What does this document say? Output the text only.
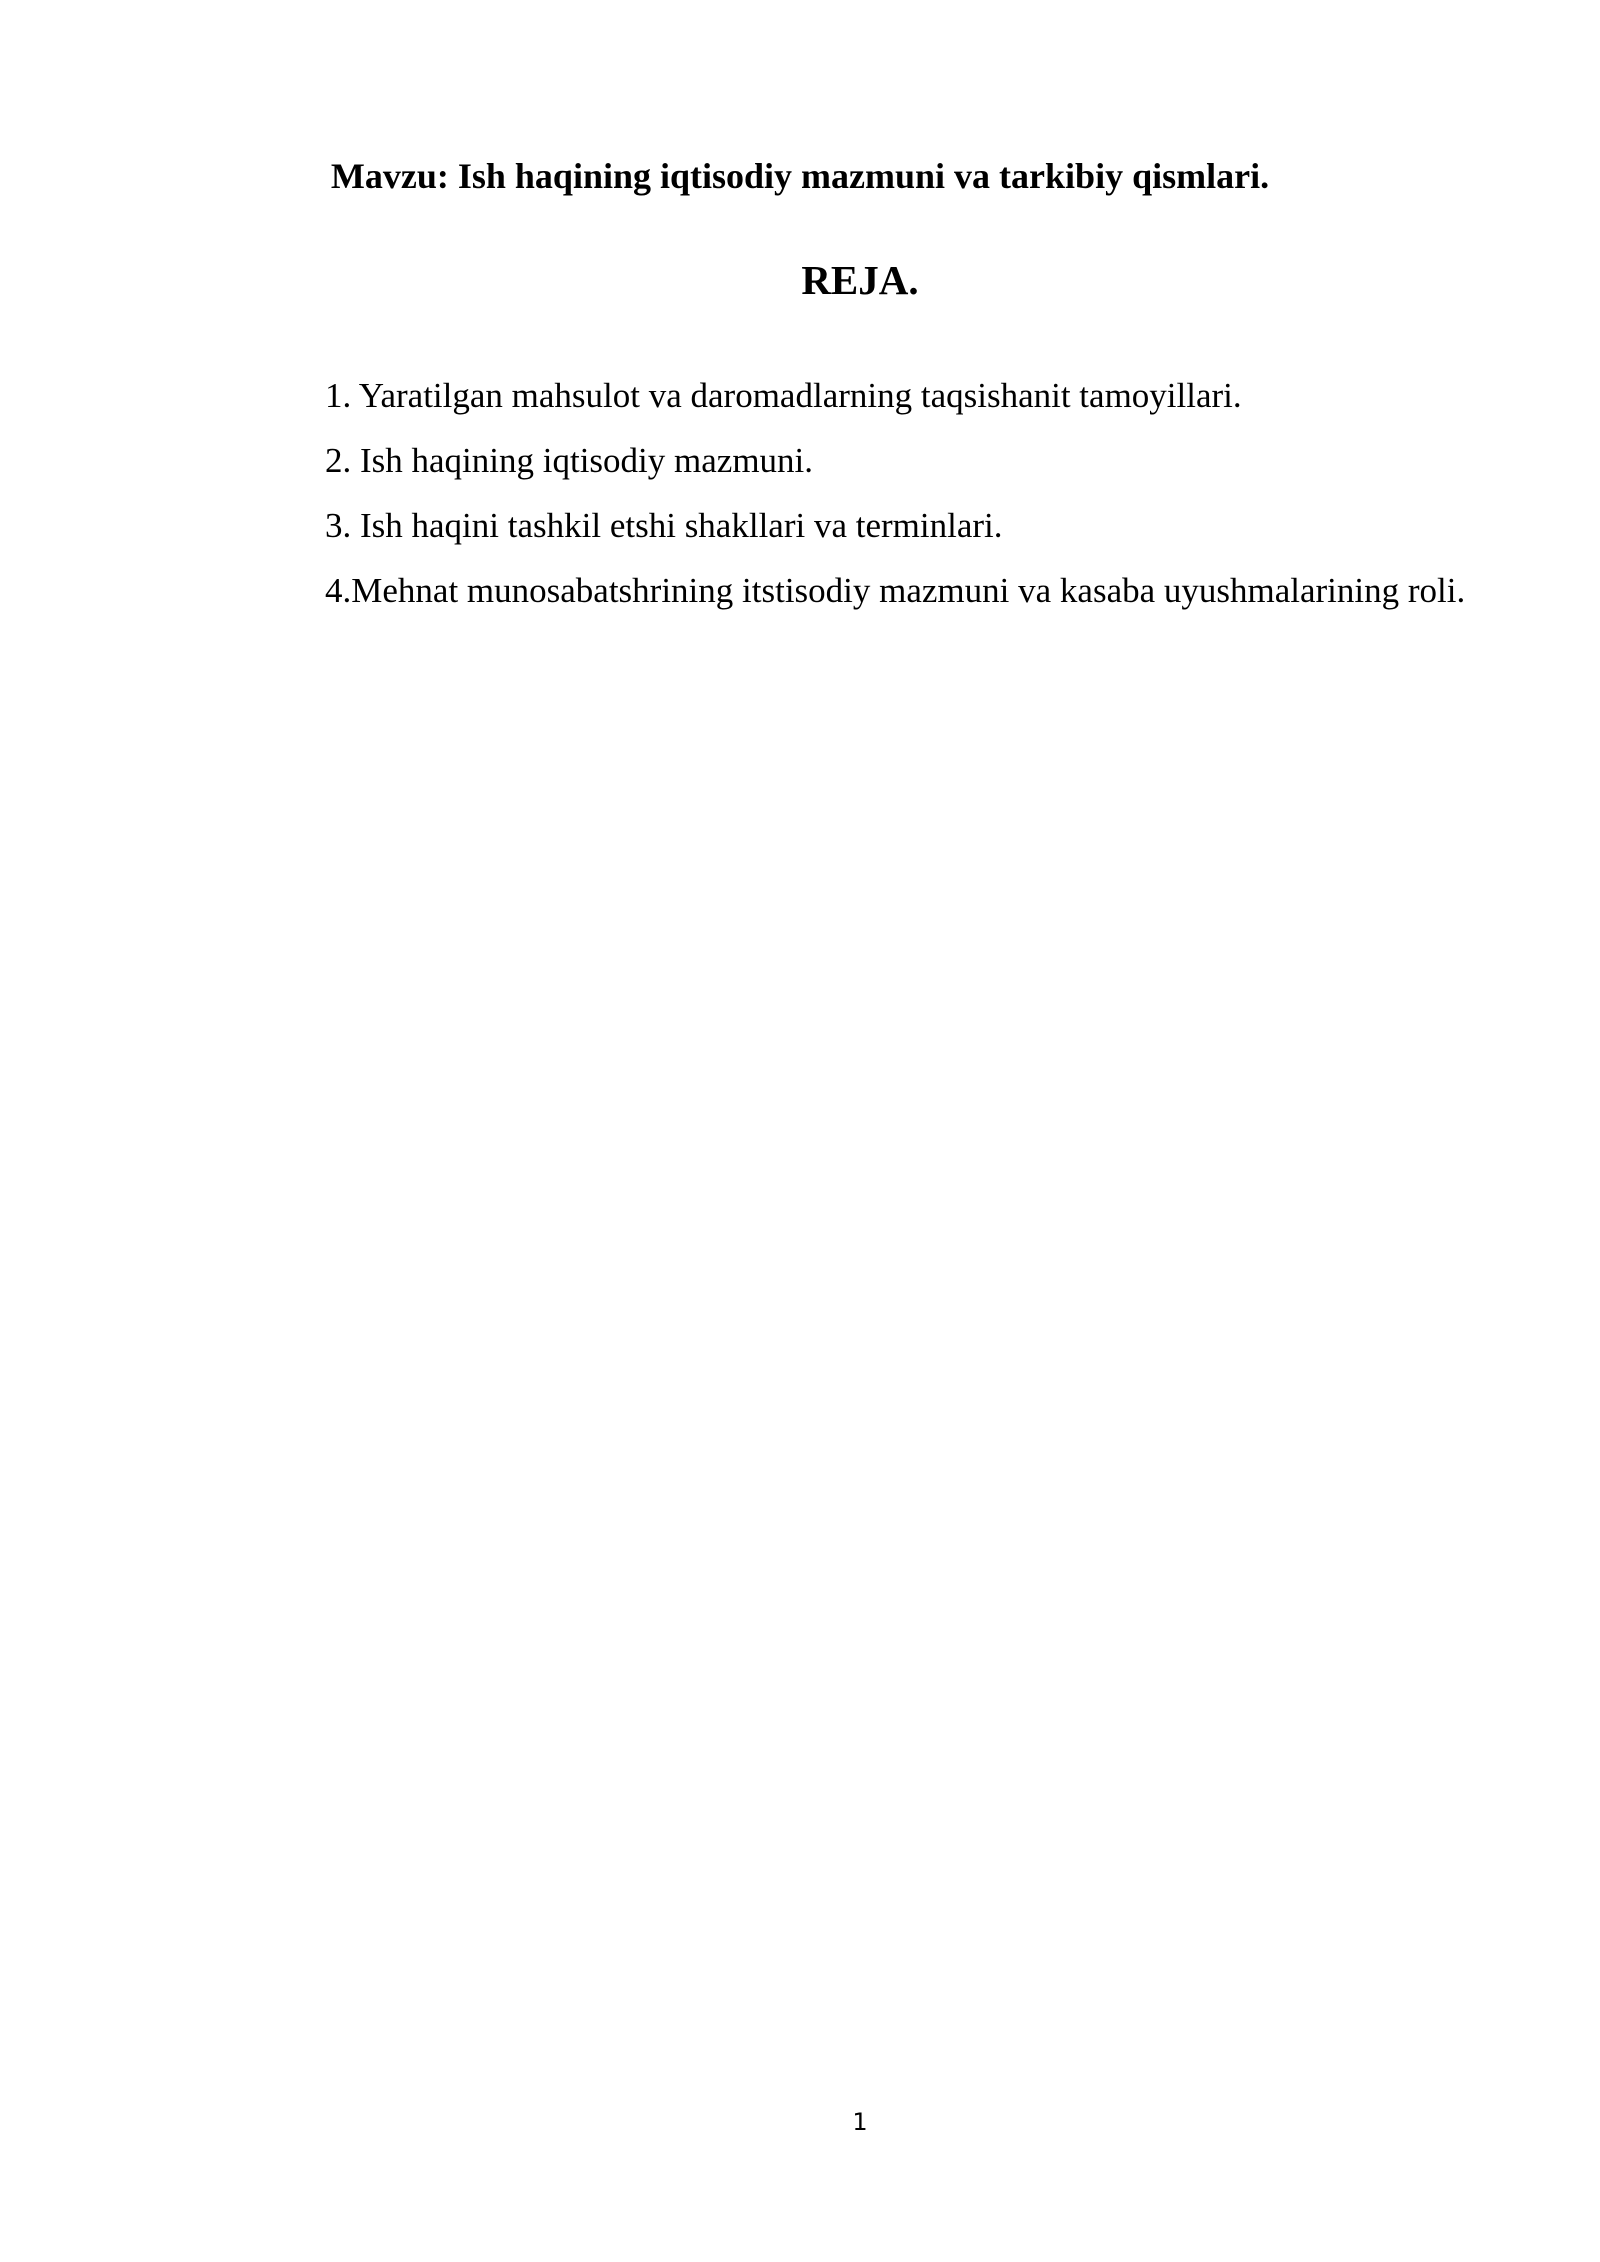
Mavzu: Ish haqining iqtisodiy mazmuni va tarkibiy qismlari.
REJA.
1. Yaratilgan mahsulot va daromadlarning taqsishanit tamoyillari.
2. Ish haqining iqtisodiy mazmuni.
3. Ish haqini tashkil etshi shakllari va terminlari.
4.Mehnat munosabatshrining itstisodiy mazmuni va kasaba uyushmalarining roli.
1
